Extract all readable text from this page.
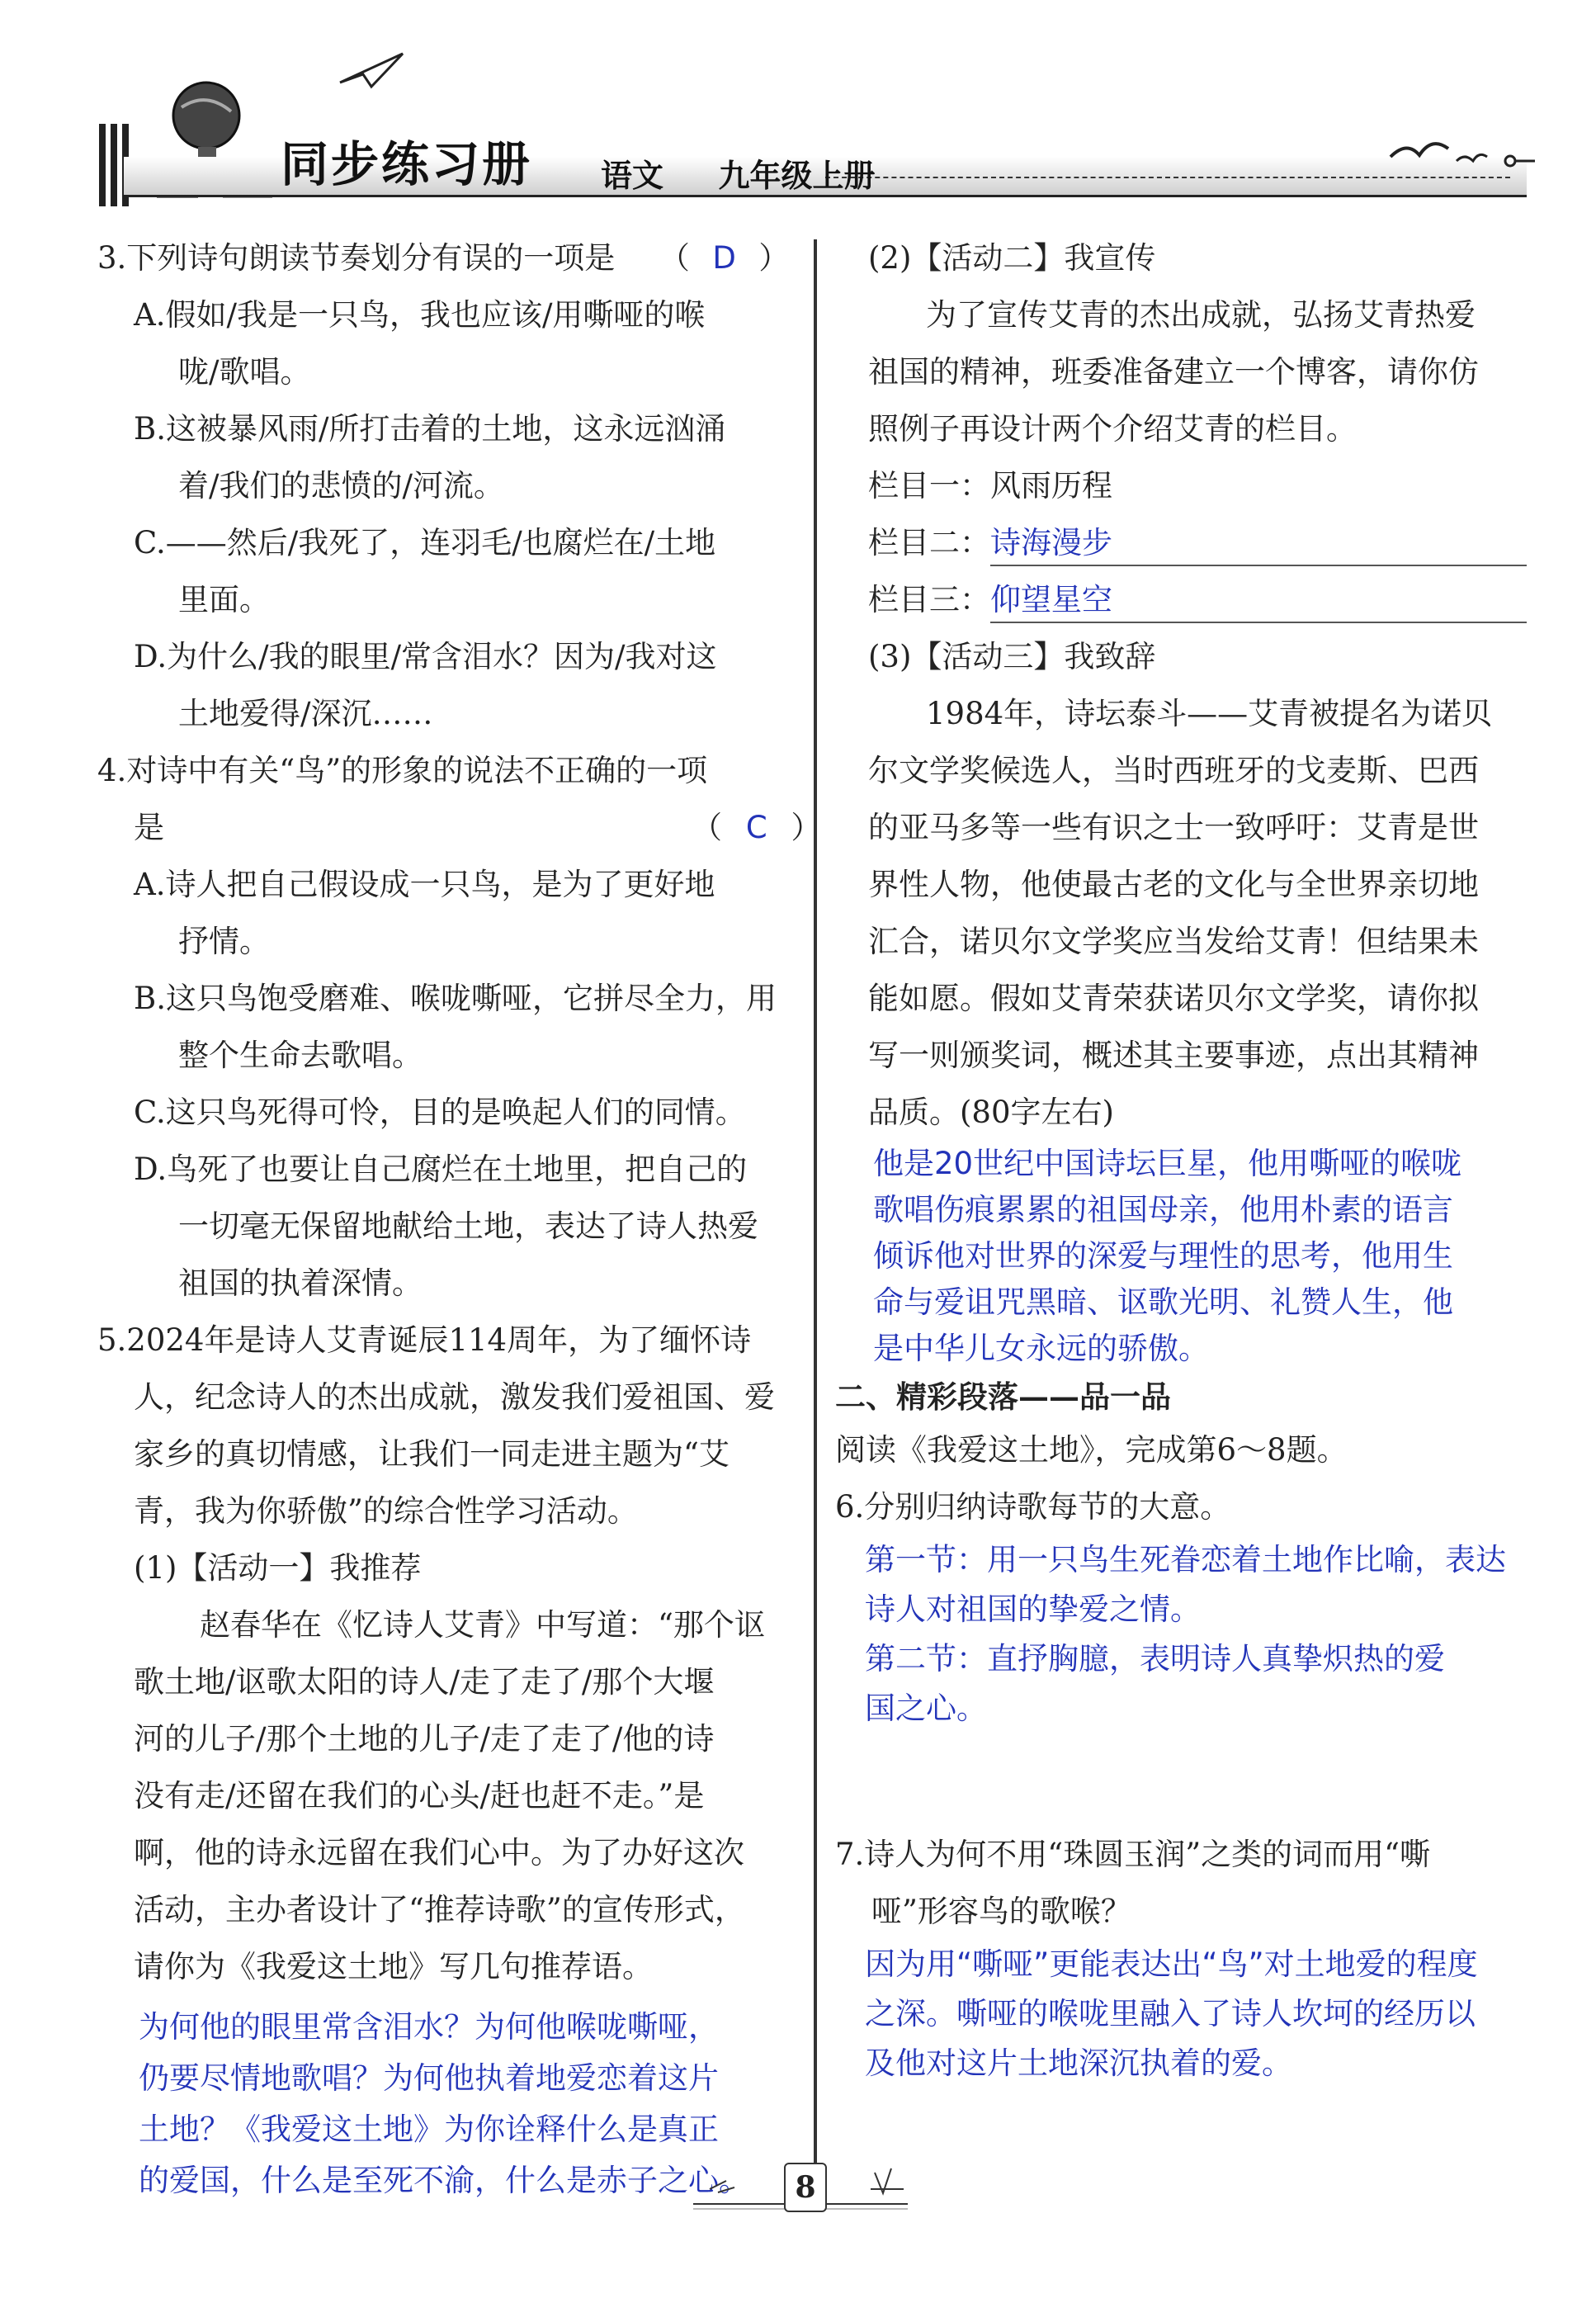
同步练习册 语文 九年级上册
3.下列诗句朗读节奏划分有误的一项是 （ D ）
A.假如/我是一只鸟，我也应该/用嘶哑的喉
咙/歌唱。
B.这被暴风雨/所打击着的土地，这永远汹涌
着/我们的悲愤的/河流。
C.——然后/我死了，连羽毛/也腐烂在/土地
里面。
D.为什么/我的眼里/常含泪水？因为/我对这
土地爱得/深沉……
4.对诗中有关“鸟”的形象的说法不正确的一项
是	（ C ）
A.诗人把自己假设成一只鸟，是为了更好地
抒情。
B.这只鸟饱受磨难、喉咙嘶哑，它拼尽全力，用
整个生命去歌唱。
C.这只鸟死得可怜，目的是唤起人们的同情。
D.鸟死了也要让自己腐烂在土地里，把自己的
一切毫无保留地献给土地，表达了诗人热爱
祖国的执着深情。
5.2024年是诗人艾青诞辰114周年，为了缅怀诗
人，纪念诗人的杰出成就，激发我们爱祖国、爱
家乡的真切情感，让我们一同走进主题为“艾
青，我为你骄傲”的综合性学习活动。
(1)【活动一】我推荐
赵春华在《忆诗人艾青》中写道：“那个讴
歌土地/讴歌太阳的诗人/走了走了/那个大堰
河的儿子/那个土地的儿子/走了走了/他的诗
没有走/还留在我们的心头/赶也赶不走。”是
啊，他的诗永远留在我们心中。为了办好这次
活动，主办者设计了“推荐诗歌”的宣传形式，
请你为《我爱这土地》写几句推荐语。
为何他的眼里常含泪水？为何他喉咙嘶哑，
仍要尽情地歌唱？为何他执着地爱恋着这片
土地？《我爱这土地》为你诠释什么是真正
的爱国，什么是至死不渝，什么是赤子之心。
(2)【活动二】我宣传
为了宣传艾青的杰出成就，弘扬艾青热爱
祖国的精神，班委准备建立一个博客，请你仿
照例子再设计两个介绍艾青的栏目。
栏目一：风雨历程
栏目二：诗海漫步
栏目三：仰望星空
(3)【活动三】我致辞
1984年，诗坛泰斗——艾青被提名为诺贝
尔文学奖候选人，当时西班牙的戈麦斯、巴西
的亚马多等一些有识之士一致呼吁：艾青是世
界性人物，他使最古老的文化与全世界亲切地
汇合，诺贝尔文学奖应当发给艾青！但结果未
能如愿。假如艾青荣获诺贝尔文学奖，请你拟
写一则颁奖词，概述其主要事迹，点出其精神
品质。(80字左右)
他是20世纪中国诗坛巨星，他用嘶哑的喉咙
歌唱伤痕累累的祖国母亲，他用朴素的语言
倾诉他对世界的深爱与理性的思考，他用生
命与爱诅咒黑暗、讴歌光明、礼赞人生，他
是中华儿女永远的骄傲。
二、精彩段落——品一品
阅读《我爱这土地》，完成第6～8题。
6.分别归纳诗歌每节的大意。
第一节：用一只鸟生死眷恋着土地作比喻，表达
诗人对祖国的挚爱之情。
第二节：直抒胸臆，表明诗人真挚炽热的爱
国之心。
7.诗人为何不用“珠圆玉润”之类的词而用“嘶
哑”形容鸟的歌喉？
因为用“嘶哑”更能表达出“鸟”对土地爱的程度
之深。嘶哑的喉咙里融入了诗人坎坷的经历以
及他对这片土地深沉执着的爱。
8
